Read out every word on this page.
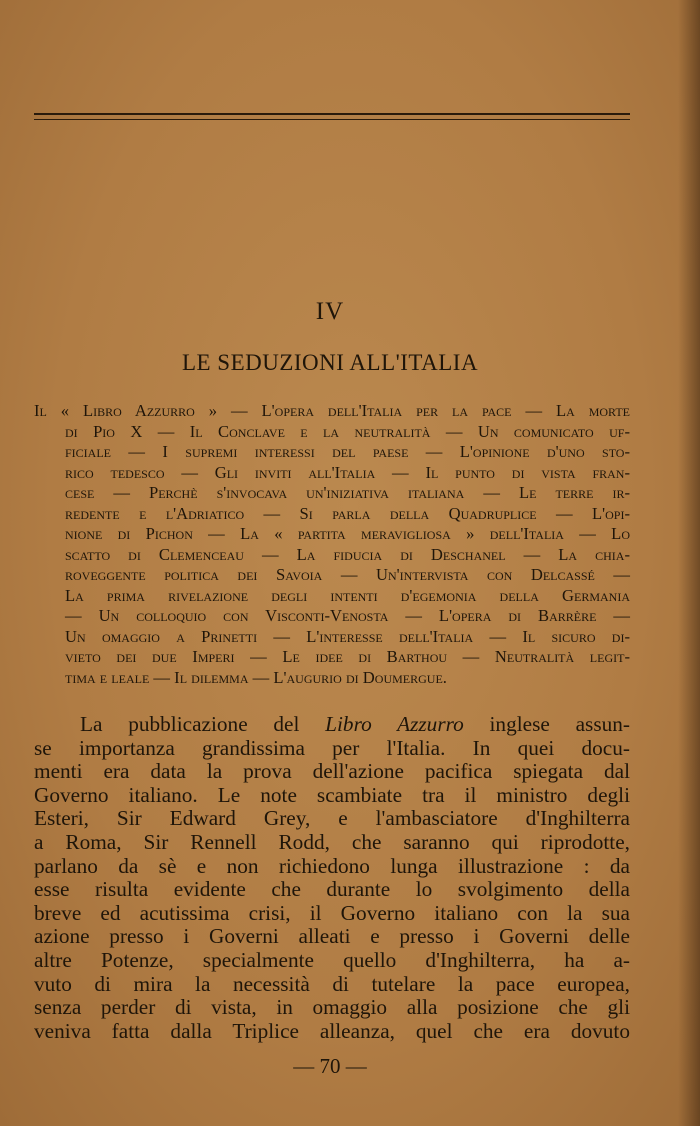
IV
LE SEDUZIONI ALL'ITALIA
Il « Libro Azzurro » — L'opera dell'Italia per la pace — La morte
di Pio X — Il Conclave e la neutralità — Un comunicato uf-
ficiale — I supremi interessi del paese — L'opinione d'uno sto-
rico tedesco — Gli inviti all'Italia — Il punto di vista fran-
cese — Perchè s'invocava un'iniziativa italiana — Le terre ir-
redente e l'Adriatico — Si parla della Quadruplice — L'opi-
nione di Pichon — La « partita meravigliosa » dell'Italia — Lo
scatto di Clemenceau — La fiducia di Deschanel — La chia-
roveggente politica dei Savoia — Un'intervista con Delcassé —
La prima rivelazione degli intenti d'egemonia della Germania
— Un colloquio con Visconti-Venosta — L'opera di Barrère —
Un omaggio a Prinetti — L'interesse dell'Italia — Il sicuro di-
vieto dei due Imperi — Le idee di Barthou — Neutralità legit-
tima e leale — Il dilemma — L'augurio di Doumergue.
La pubblicazione del Libro Azzurro inglese assun-
se importanza grandissima per l'Italia. In quei docu-
menti era data la prova dell'azione pacifica spiegata dal
Governo italiano. Le note scambiate tra il ministro degli
Esteri, Sir Edward Grey, e l'ambasciatore d'Inghilterra
a Roma, Sir Rennell Rodd, che saranno qui riprodotte,
parlano da sè e non richiedono lunga illustrazione : da
esse risulta evidente che durante lo svolgimento della
breve ed acutissima crisi, il Governo italiano con la sua
azione presso i Governi alleati e presso i Governi delle
altre Potenze, specialmente quello d'Inghilterra, ha a-
vuto di mira la necessità di tutelare la pace europea,
senza perder di vista, in omaggio alla posizione che gli
veniva fatta dalla Triplice alleanza, quel che era dovuto
— 70 —
